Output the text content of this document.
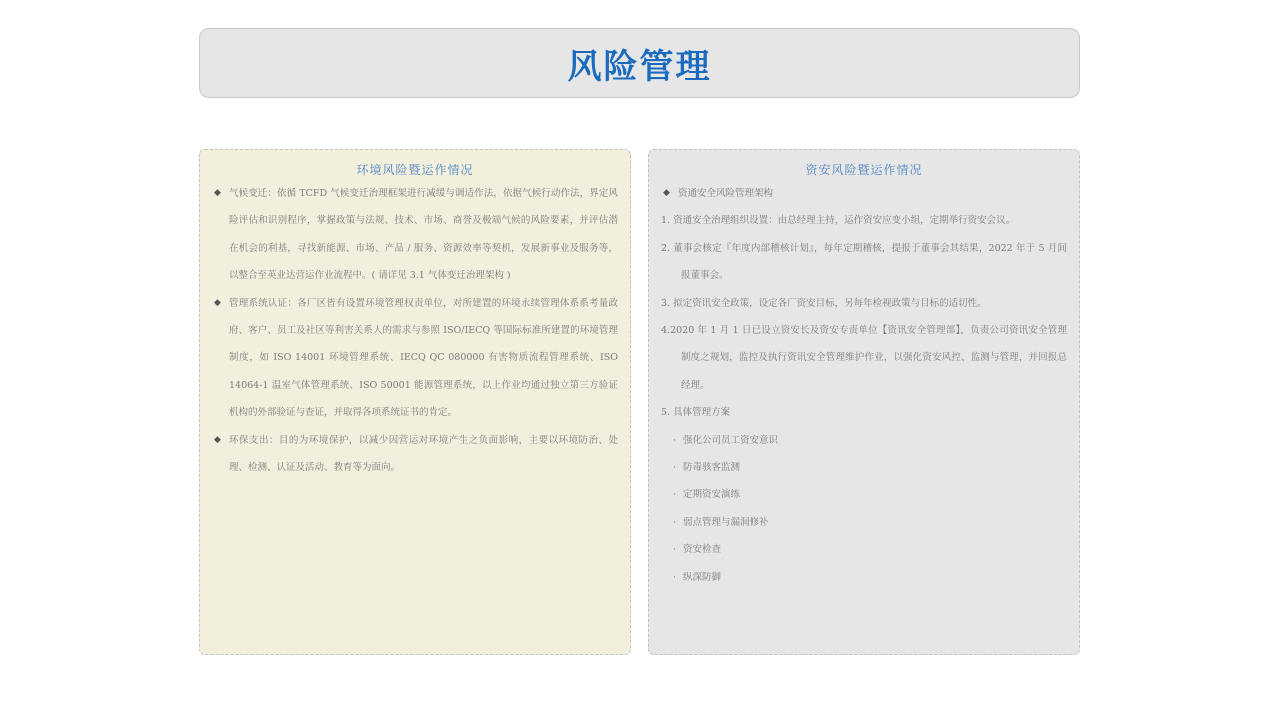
风险管理
环境风险暨运作情况
◆ 气候变迁：依循 TCFD 气候变迁治理框架进行减缓与调适作法，依据气候行动作法，界定风险评估和识别程序，掌握政策与法规、技术、市场、商誉及极端气候的风险要素，并评估潜在机会的利基，寻找新能源、市场、产品 / 服务、资源效率等契机，发展新事业及服务等，以整合至英业达营运作业流程中。( 请详见 3.1 气体变迁治理架构 )
◆ 管理系统认证：各厂区皆有设置环境管理权责单位，对所建置的环境永续管理体系系考量政府、客户、员工及社区等利害关系人的需求与参照 ISO/IECQ 等国际标准所建置的环境管理制度，如 ISO 14001 环境管理系统、IECQ QC 080000 有害物质流程管理系统、ISO 14064-1 温室气体管理系统、ISO 50001 能源管理系统，以上作业均通过独立第三方验证机构的外部验证与查证，并取得各项系统证书的肯定。
◆ 环保支出：目的为环境保护，以减少因营运对环境产生之负面影响，主要以环境防治、处理、检测、认证及活动、教育等为面向。
资安风险暨运作情况
◆ 资通安全风险管理架构
1. 资通安全治理组织设置：由总经理主持，运作资安应变小组，定期举行资安会议。
2. 董事会核定『年度内部稽核计划』，每年定期稽核，提报于董事会其结果，2022 年于 5 月间报董事会。
3. 拟定资讯安全政策，设定各厂资安目标，另每年检视政策与目标的适切性。
4.2020 年 1 月 1 日已设立资安长及资安专责单位【资讯安全管理部】，负责公司资讯安全管理制度之规划，监控及执行资讯安全管理维护作业，以强化资安风控、监测与管理，并回报总经理。
5. 具体管理方案
· 强化公司员工资安意识
· 防毒骇客监测
· 定期资安演练
· 弱点管理与漏洞修补
· 资安检查
· 纵深防御
